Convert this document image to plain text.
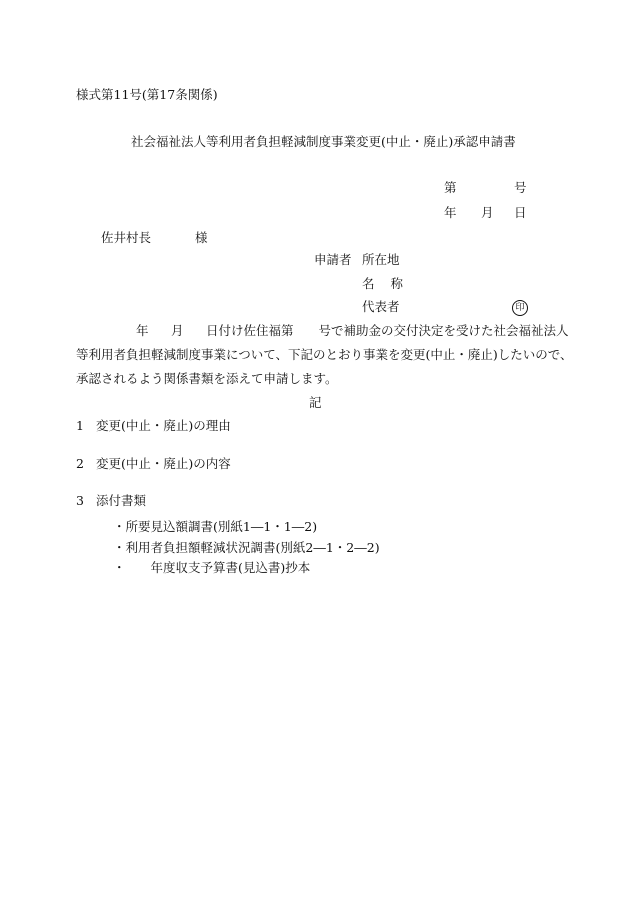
様式第11号(第17条関係)
社会福祉法人等利用者負担軽減制度事業変更(中止・廃止)承認申請書
第	号
年 月 日
佐井村長	様
申請者 所在地
名 称
代表者	印
年 月 日付け佐住福第　　号で補助金の交付決定を受けた社会福祉法人
等利用者負担軽減制度事業について、下記のとおり事業を変更(中止・廃止)したいので、
承認されるよう関係書類を添えて申請します。
記
1 変更(中止・廃止)の理由
2 変更(中止・廃止)の内容
3 添付書類
・所要見込額調書(別紙1―1・1―2)
・利用者負担額軽減状況調書(別紙2―1・2―2)
・　　年度収支予算書(見込書)抄本
